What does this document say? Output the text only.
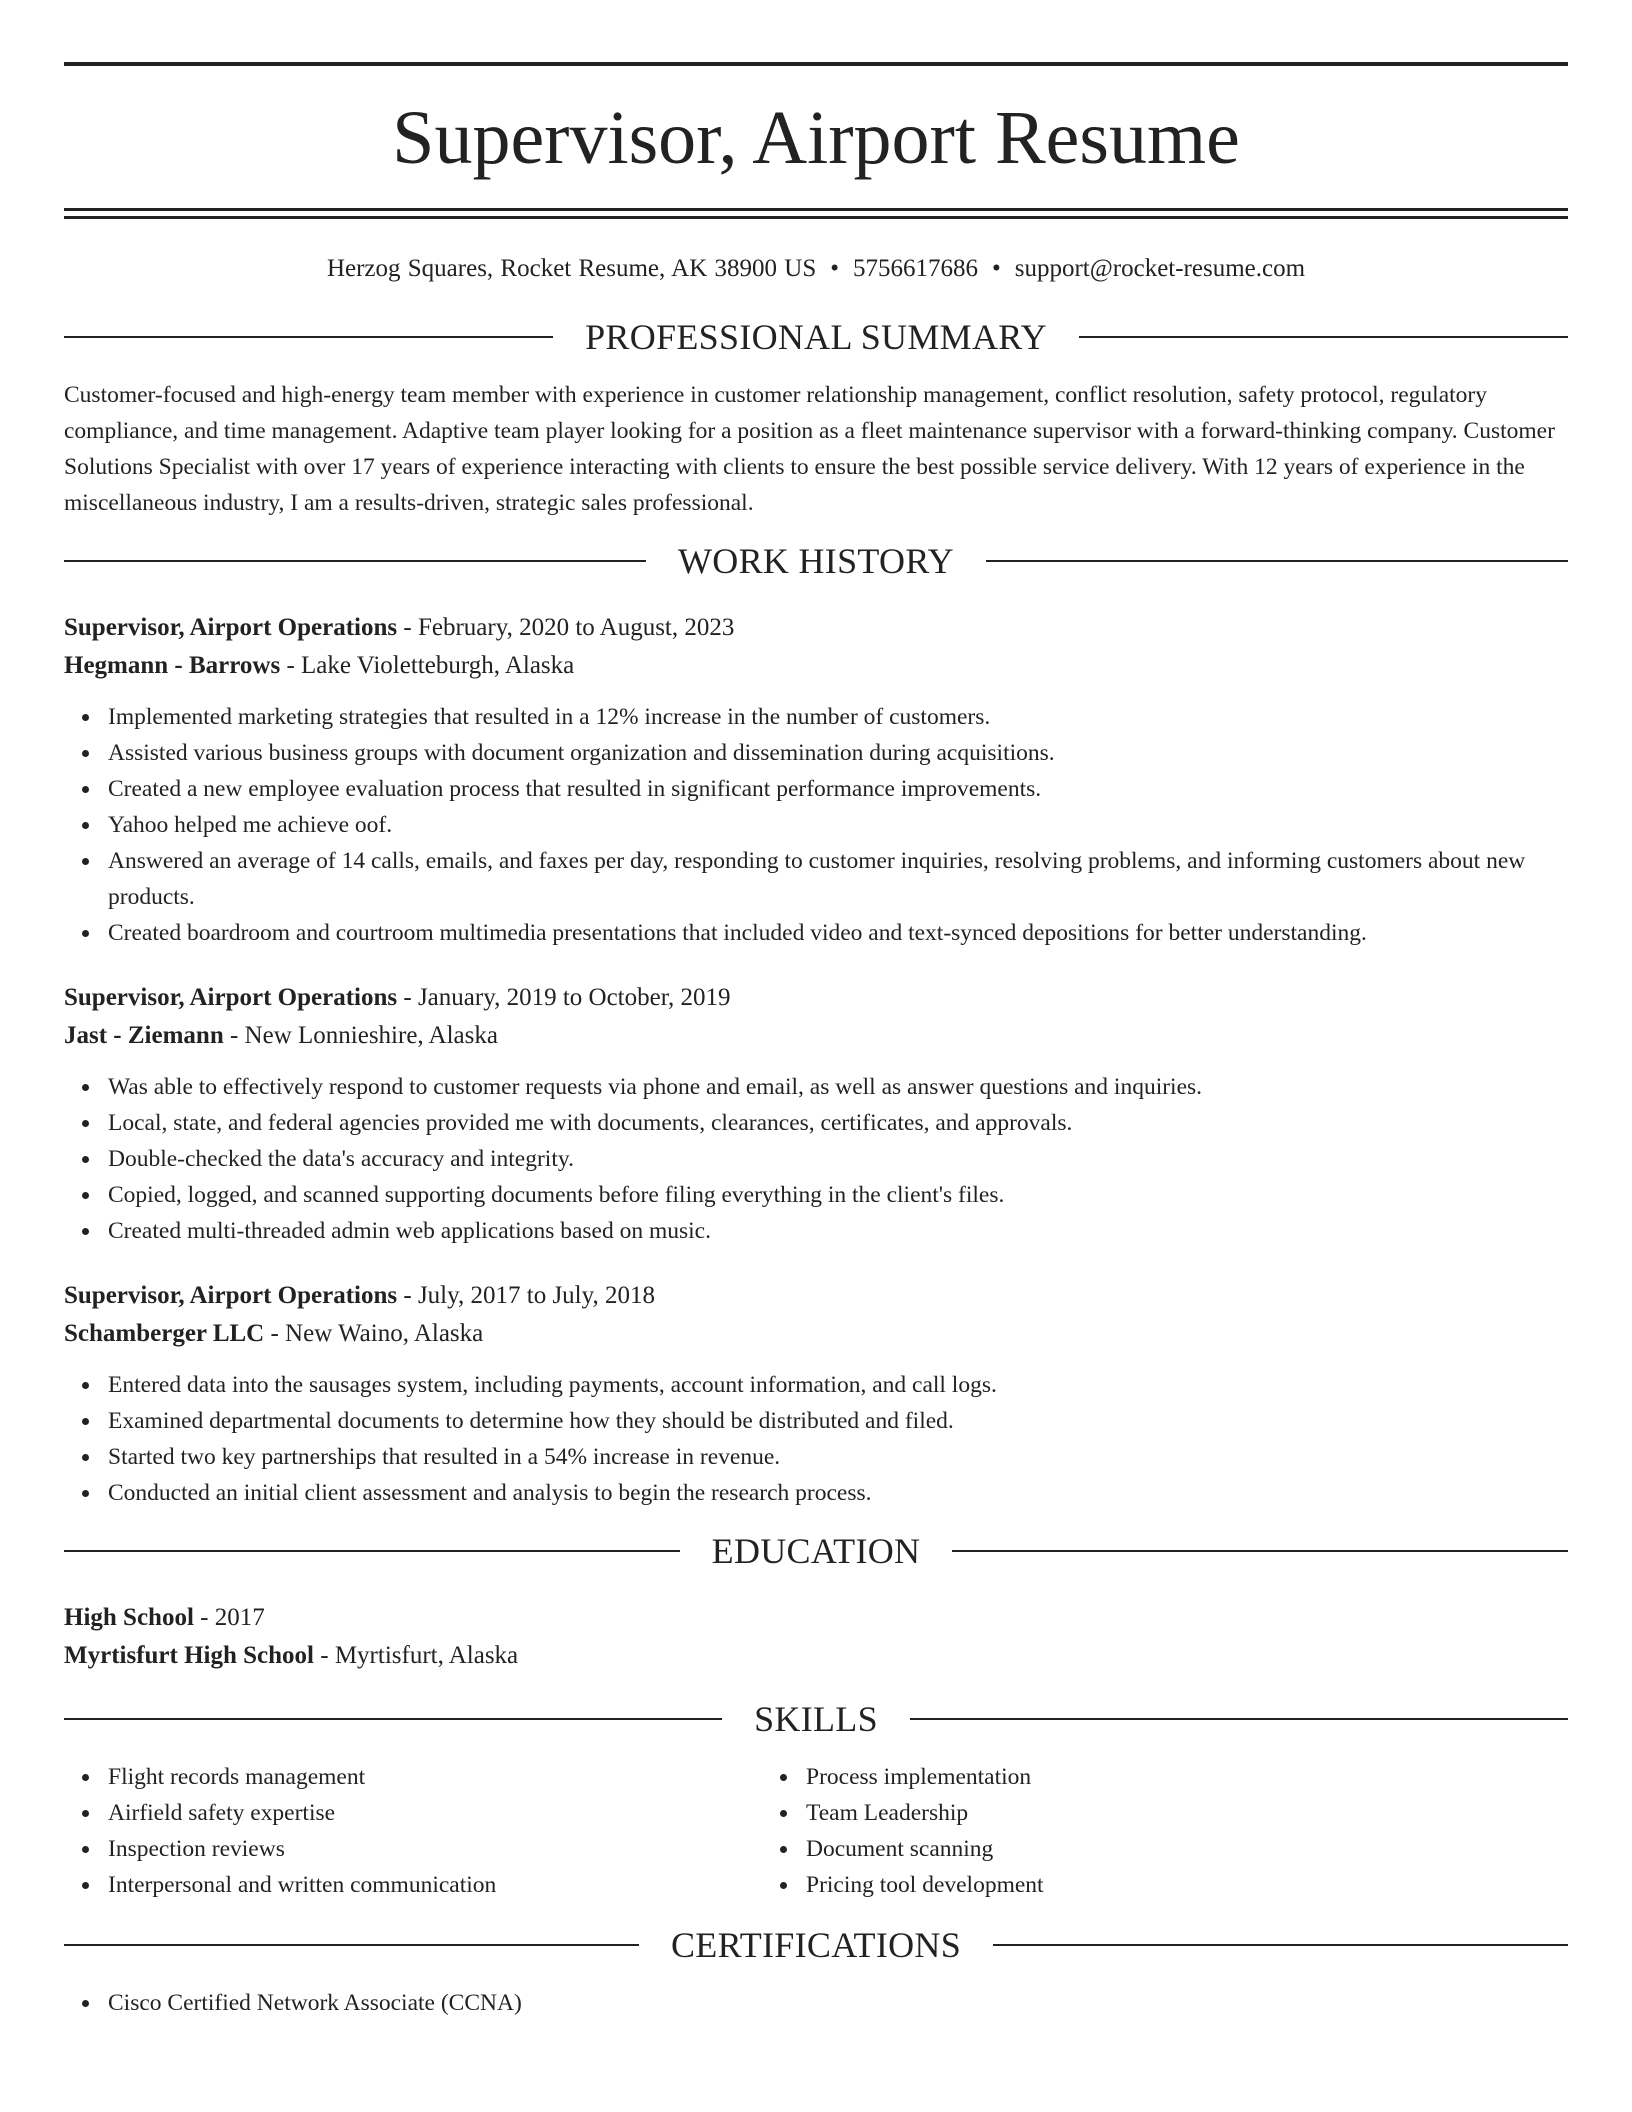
Supervisor, Airport Resume
Herzog Squares, Rocket Resume, AK 38900 US • 5756617686 • support@rocket-resume.com
PROFESSIONAL SUMMARY
Customer-focused and high-energy team member with experience in customer relationship management, conflict resolution, safety protocol, regulatory compliance, and time management. Adaptive team player looking for a position as a fleet maintenance supervisor with a forward-thinking company. Customer Solutions Specialist with over 17 years of experience interacting with clients to ensure the best possible service delivery. With 12 years of experience in the miscellaneous industry, I am a results-driven, strategic sales professional.
WORK HISTORY
Supervisor, Airport Operations - February, 2020 to August, 2023
Hegmann - Barrows - Lake Violetteburgh, Alaska
Implemented marketing strategies that resulted in a 12% increase in the number of customers.
Assisted various business groups with document organization and dissemination during acquisitions.
Created a new employee evaluation process that resulted in significant performance improvements.
Yahoo helped me achieve oof.
Answered an average of 14 calls, emails, and faxes per day, responding to customer inquiries, resolving problems, and informing customers about new products.
Created boardroom and courtroom multimedia presentations that included video and text-synced depositions for better understanding.
Supervisor, Airport Operations - January, 2019 to October, 2019
Jast - Ziemann - New Lonnieshire, Alaska
Was able to effectively respond to customer requests via phone and email, as well as answer questions and inquiries.
Local, state, and federal agencies provided me with documents, clearances, certificates, and approvals.
Double-checked the data's accuracy and integrity.
Copied, logged, and scanned supporting documents before filing everything in the client's files.
Created multi-threaded admin web applications based on music.
Supervisor, Airport Operations - July, 2017 to July, 2018
Schamberger LLC - New Waino, Alaska
Entered data into the sausages system, including payments, account information, and call logs.
Examined departmental documents to determine how they should be distributed and filed.
Started two key partnerships that resulted in a 54% increase in revenue.
Conducted an initial client assessment and analysis to begin the research process.
EDUCATION
High School - 2017
Myrtisfurt High School - Myrtisfurt, Alaska
SKILLS
Flight records management
Airfield safety expertise
Inspection reviews
Interpersonal and written communication
Process implementation
Team Leadership
Document scanning
Pricing tool development
CERTIFICATIONS
Cisco Certified Network Associate (CCNA)
